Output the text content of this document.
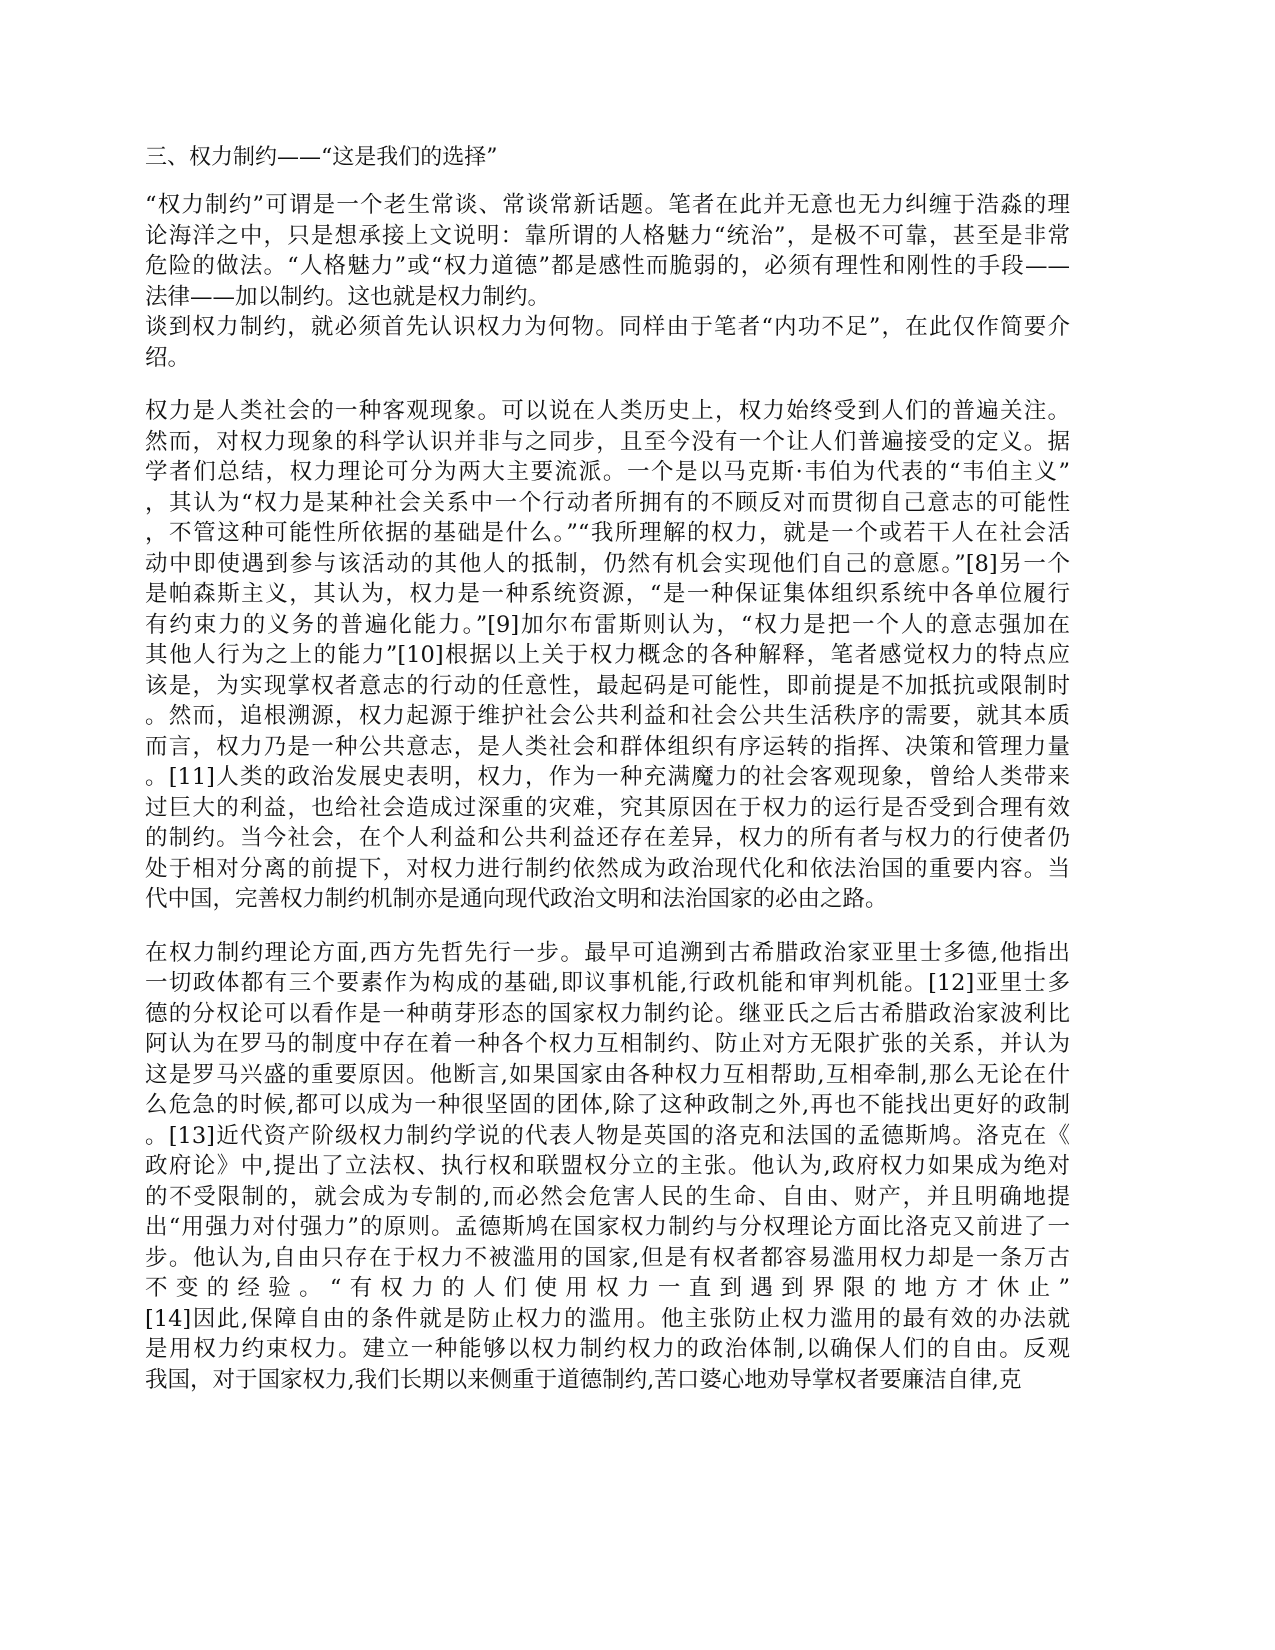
三、权力制约——“这是我们的选择”
“权力制约”可谓是一个老生常谈、常谈常新话题。笔者在此并无意也无力纠缠于浩淼的理
论海洋之中，只是想承接上文说明：靠所谓的人格魅力“统治”，是极不可靠，甚至是非常
危险的做法。“人格魅力”或“权力道德”都是感性而脆弱的，必须有理性和刚性的手段——
法律——加以制约。这也就是权力制约。
谈到权力制约，就必须首先认识权力为何物。同样由于笔者“内功不足”，在此仅作简要介
绍。
权力是人类社会的一种客观现象。可以说在人类历史上，权力始终受到人们的普遍关注。
然而，对权力现象的科学认识并非与之同步，且至今没有一个让人们普遍接受的定义。据
学者们总结，权力理论可分为两大主要流派。一个是以马克斯·韦伯为代表的“韦伯主义”
，其认为“权力是某种社会关系中一个行动者所拥有的不顾反对而贯彻自己意志的可能性
，不管这种可能性所依据的基础是什么。”“我所理解的权力，就是一个或若干人在社会活
动中即使遇到参与该活动的其他人的抵制，仍然有机会实现他们自己的意愿。”[8]另一个
是帕森斯主义，其认为，权力是一种系统资源，“是一种保证集体组织系统中各单位履行
有约束力的义务的普遍化能力。”[9]加尔布雷斯则认为，“权力是把一个人的意志强加在
其他人行为之上的能力”[10]根据以上关于权力概念的各种解释，笔者感觉权力的特点应
该是，为实现掌权者意志的行动的任意性，最起码是可能性，即前提是不加抵抗或限制时
。然而，追根溯源，权力起源于维护社会公共利益和社会公共生活秩序的需要，就其本质
而言，权力乃是一种公共意志，是人类社会和群体组织有序运转的指挥、决策和管理力量
。[11]人类的政治发展史表明，权力，作为一种充满魔力的社会客观现象，曾给人类带来
过巨大的利益，也给社会造成过深重的灾难，究其原因在于权力的运行是否受到合理有效
的制约。当今社会，在个人利益和公共利益还存在差异，权力的所有者与权力的行使者仍
处于相对分离的前提下，对权力进行制约依然成为政治现代化和依法治国的重要内容。当
代中国，完善权力制约机制亦是通向现代政治文明和法治国家的必由之路。
在权力制约理论方面,西方先哲先行一步。最早可追溯到古希腊政治家亚里士多德,他指出
一切政体都有三个要素作为构成的基础,即议事机能,行政机能和审判机能。[12]亚里士多
德的分权论可以看作是一种萌芽形态的国家权力制约论。继亚氏之后古希腊政治家波利比
阿认为在罗马的制度中存在着一种各个权力互相制约、防止对方无限扩张的关系，并认为
这是罗马兴盛的重要原因。他断言,如果国家由各种权力互相帮助,互相牵制,那么无论在什
么危急的时候,都可以成为一种很坚固的团体,除了这种政制之外,再也不能找出更好的政制
。[13]近代资产阶级权力制约学说的代表人物是英国的洛克和法国的孟德斯鸠。洛克在《
政府论》中,提出了立法权、执行权和联盟权分立的主张。他认为,政府权力如果成为绝对
的不受限制的，就会成为专制的,而必然会危害人民的生命、自由、财产，并且明确地提
出“用强力对付强力”的原则。孟德斯鸠在国家权力制约与分权理论方面比洛克又前进了一
步。他认为,自由只存在于权力不被滥用的国家,但是有权者都容易滥用权力却是一条万古
不变的经验。“有权力的人们使用权力一直到遇到界限的地方才休止”
[14]因此,保障自由的条件就是防止权力的滥用。他主张防止权力滥用的最有效的办法就
是用权力约束权力。建立一种能够以权力制约权力的政治体制,以确保人们的自由。反观
我国，对于国家权力,我们长期以来侧重于道德制约,苦口婆心地劝导掌权者要廉洁自律,克
